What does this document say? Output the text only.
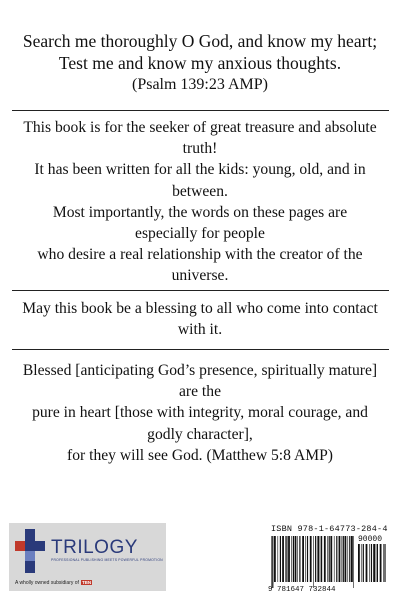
Search me thoroughly O God, and know my heart;
Test me and know my anxious thoughts.
(Psalm 139:23 AMP)
This book is for the seeker of great treasure and absolute
truth!
It has been written for all the kids: young, old, and in
between.
Most importantly, the words on these pages are
especially for people
who desire a real relationship with the creator of the
universe.
May this book be a blessing to all who come into contact
with it.
Blessed [anticipating God’s presence, spiritually mature]
are the
pure in heart [those with integrity, moral courage, and
godly character],
for they will see God. (Matthew 5:8 AMP)
TRILOGY
PROFESSIONAL PUBLISHING MEETS POWERFUL PROMOTION
A wholly owned subsidiary of TBN
ISBN 978-1-64773-284-4
90000
9 781647 732844
